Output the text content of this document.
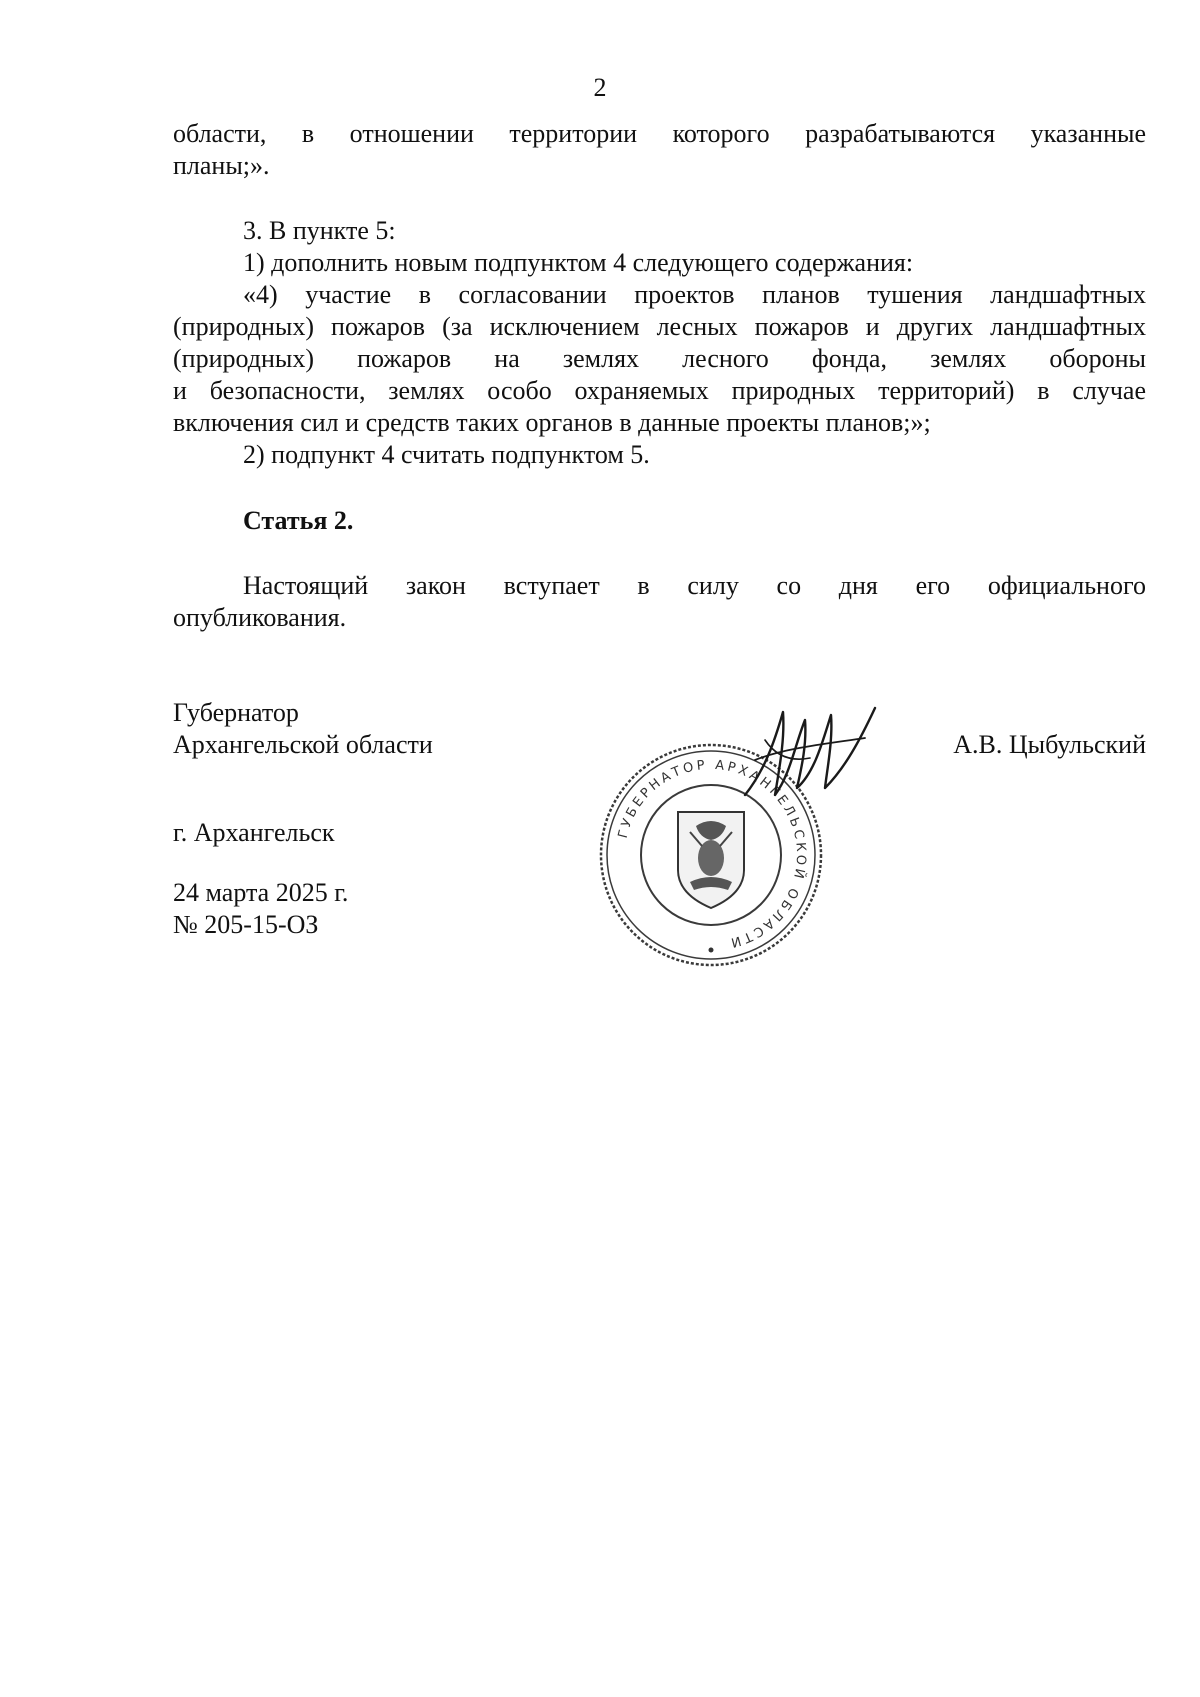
2
области, в отношении территории которого разрабатываются указанные
планы;».
3. В пункте 5:
1) дополнить новым подпунктом 4 следующего содержания:
«4) участие в согласовании проектов планов тушения ландшафтных
(природных) пожаров (за исключением лесных пожаров и других ландшафтных
(природных) пожаров на землях лесного фонда, землях обороны
и безопасности, землях особо охраняемых природных территорий) в случае
включения сил и средств таких органов в данные проекты планов;»;
2) подпункт 4 считать подпунктом 5.
Статья 2.
Настоящий закон вступает в силу со дня его официального
опубликования.
Губернатор
Архангельской области	А.В. Цыбульский
ГУБЕРНАТОР АРХАНГЕЛЬСКОЙ ОБЛАСТИ
г. Архангельск
24 марта 2025 г.
№ 205-15-ОЗ
